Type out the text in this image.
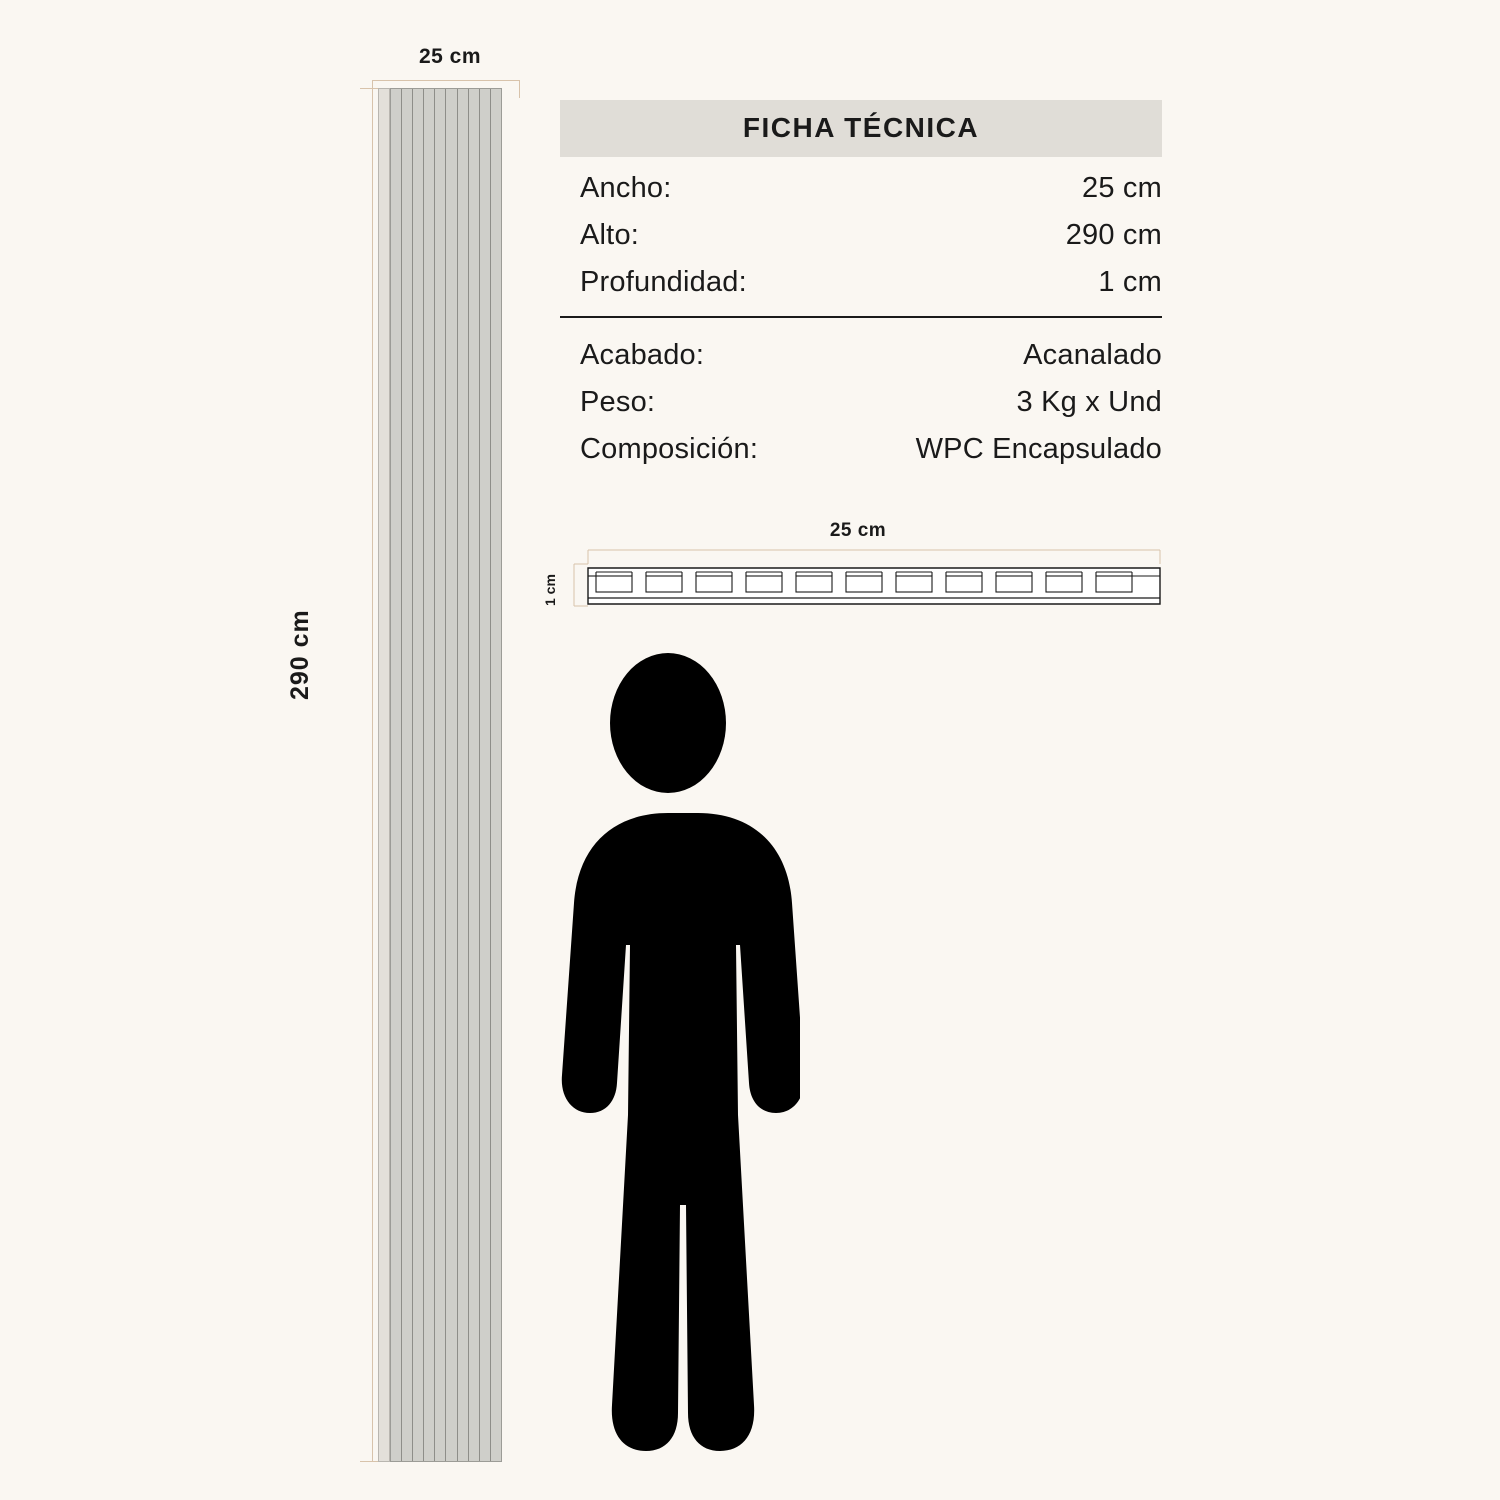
25 cm
290 cm
FICHA TÉCNICA
Ancho:	25 cm
Alto:	290 cm
Profundidad:	1 cm
Acabado:	Acanalado
Peso:	3 Kg x Und
Composición:	WPC Encapsulado
25 cm
1 cm
